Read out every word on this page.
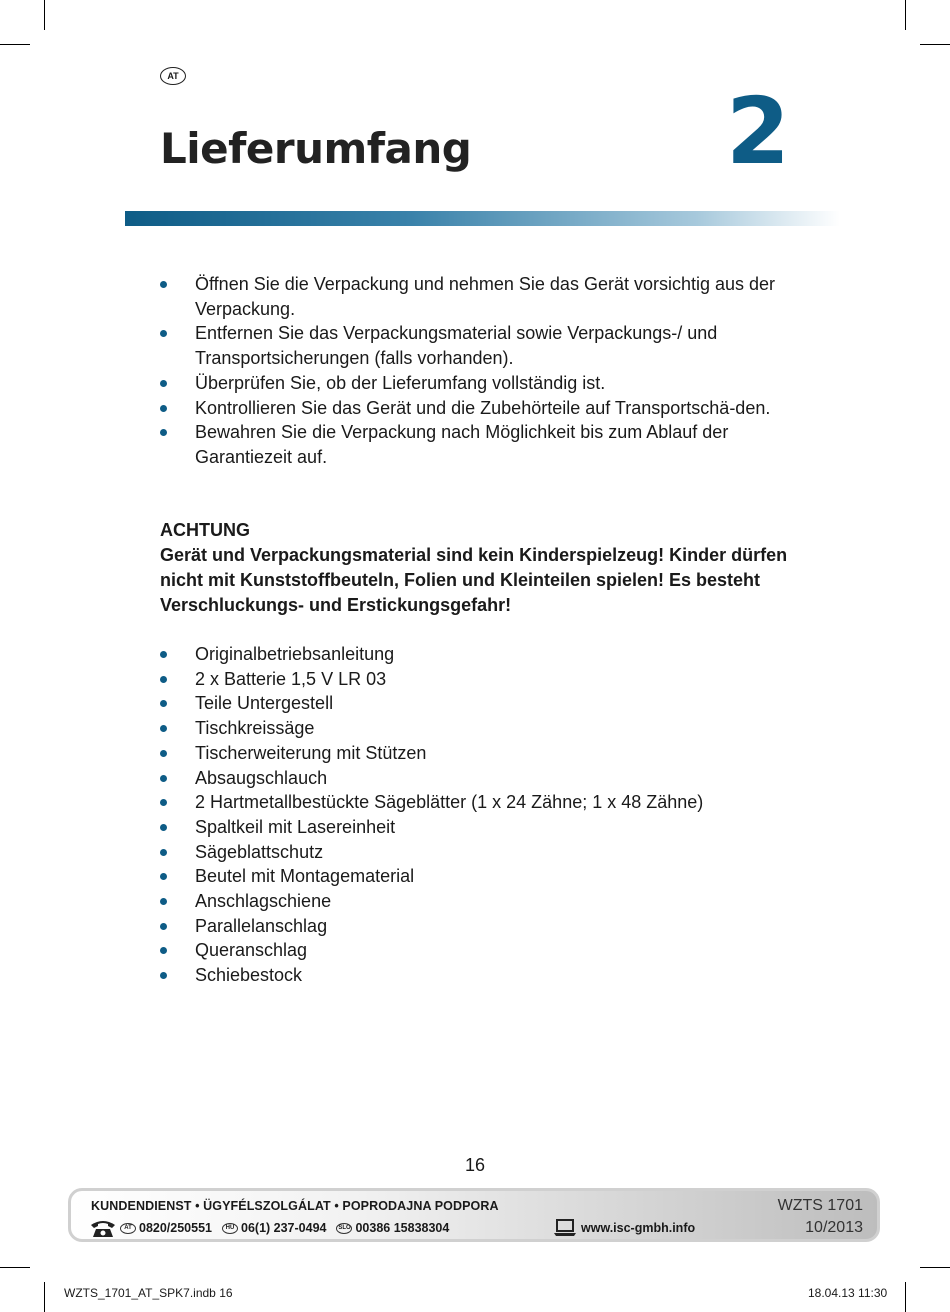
AT
Lieferumfang	2
Öffnen Sie die Verpackung und nehmen Sie das Gerät vorsichtig aus der Verpackung.
Entfernen Sie das Verpackungsmaterial sowie Verpackungs-/ und Transportsicherungen (falls vorhanden).
Überprüfen Sie, ob der Lieferumfang vollständig ist.
Kontrollieren Sie das Gerät und die Zubehörteile auf Transportschä-den.
Bewahren Sie die Verpackung nach Möglichkeit bis zum Ablauf der Garantiezeit auf.
ACHTUNG
Gerät und Verpackungsmaterial sind kein Kinderspielzeug! Kinder dürfen nicht mit Kunststoffbeuteln, Folien und Kleinteilen spielen! Es besteht Verschluckungs- und Erstickungsgefahr!
Originalbetriebsanleitung
2 x Batterie 1,5 V LR 03
Teile Untergestell
Tischkreissäge
Tischerweiterung mit Stützen
Absaugschlauch
2 Hartmetallbestückte Sägeblätter (1 x 24 Zähne; 1 x 48 Zähne)
Spaltkeil mit Lasereinheit
Sägeblattschutz
Beutel mit Montagematerial
Anschlagschiene
Parallelanschlag
Queranschlag
Schiebestock
16
KUNDENDIENST • ÜGYFÉLSZOLGÁLAT • POPRODAJNA PODPORA
AT 0820/250551	HU 06(1) 237-0494	SLO 00386 15838304	www.isc-gmbh.info
WZTS 1701
10/2013
WZTS_1701_AT_SPK7.indb 16	18.04.13 11:30
